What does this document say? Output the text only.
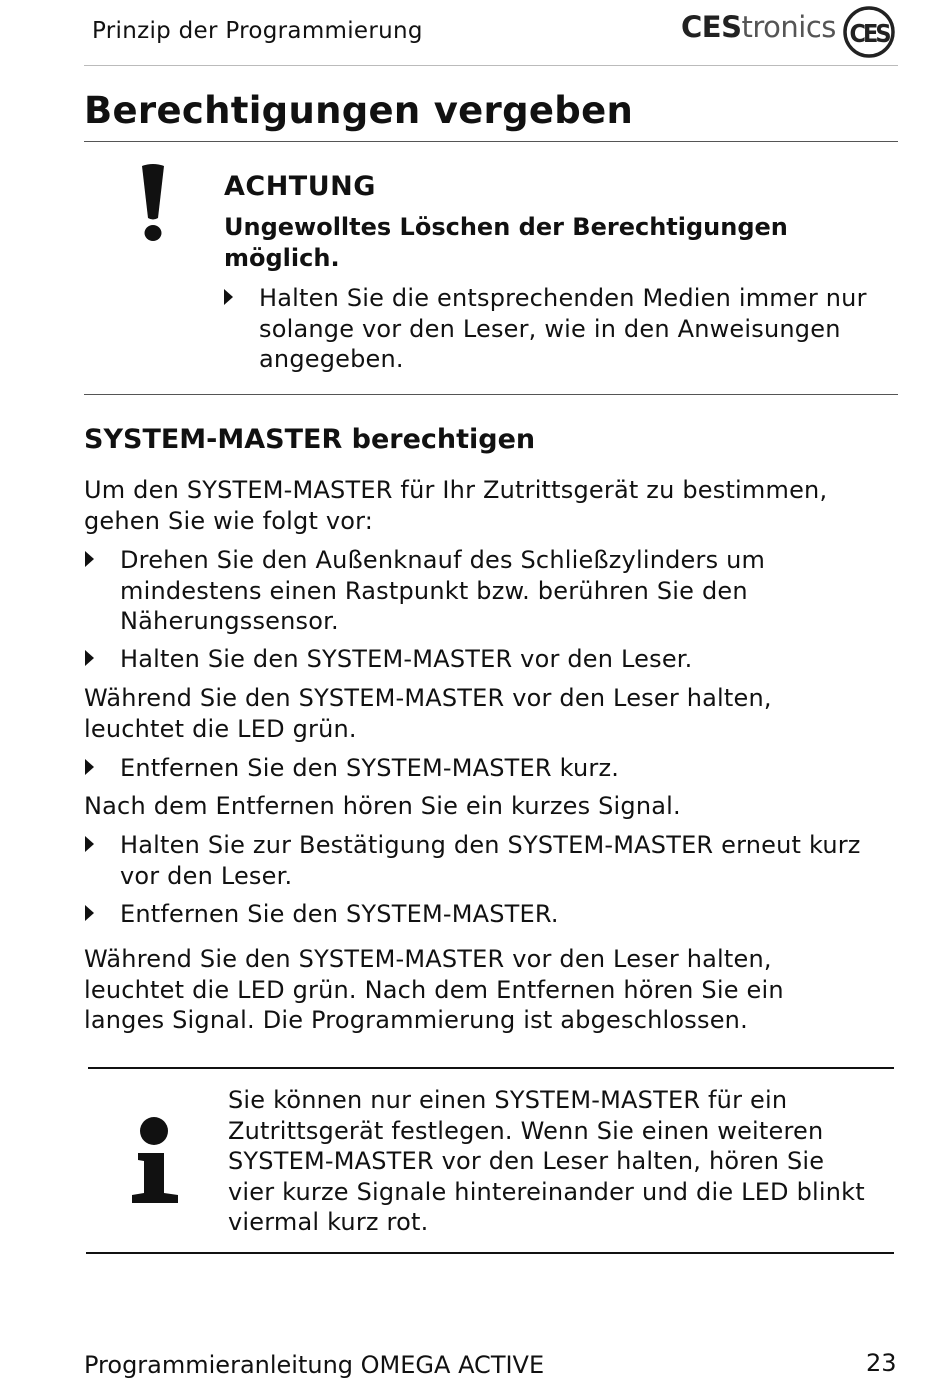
Prinzip der Programmierung	CEStronics CES
Berechtigungen vergeben
ACHTUNG
Ungewolltes Löschen der Berechtigungen möglich.
Halten Sie die entsprechenden Medien immer nur solange vor den Leser, wie in den Anweisungen angegeben.
SYSTEM-MASTER berechtigen
Um den SYSTEM-MASTER für Ihr Zutrittsgerät zu bestimmen, gehen Sie wie folgt vor:
Drehen Sie den Außenknauf des Schließzylinders um mindestens einen Rastpunkt bzw. berühren Sie den Näherungssensor.
Halten Sie den SYSTEM-MASTER vor den Leser.
Während Sie den SYSTEM-MASTER vor den Leser halten, leuchtet die LED grün.
Entfernen Sie den SYSTEM-MASTER kurz.
Nach dem Entfernen hören Sie ein kurzes Signal.
Halten Sie zur Bestätigung den SYSTEM-MASTER erneut kurz vor den Leser.
Entfernen Sie den SYSTEM-MASTER.
Während Sie den SYSTEM-MASTER vor den Leser halten, leuchtet die LED grün. Nach dem Entfernen hören Sie ein langes Signal. Die Programmierung ist abgeschlossen.
Sie können nur einen SYSTEM-MASTER für ein Zutrittsgerät festlegen. Wenn Sie einen weiteren SYSTEM-MASTER vor den Leser halten, hören Sie vier kurze Signale hintereinander und die LED blinkt viermal kurz rot.
Programmieranleitung OMEGA ACTIVE	23
